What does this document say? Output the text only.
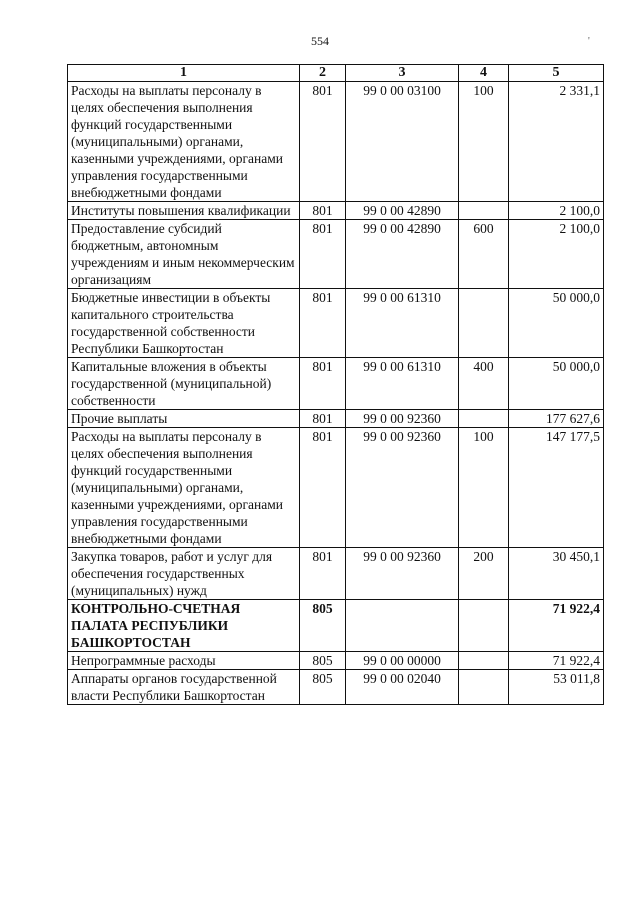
554	'
1	2	3	4	5
Расходы на выплаты персоналу в целях обеспечения выполнения функций государственными (муниципальными) органами, казенными учреждениями, органами управления государственными внебюджетными фондами	801	99 0 00 03100	100	2 331,1
Институты повышения квалификации	801	99 0 00 42890		2 100,0
Предоставление субсидий бюджетным, автономным учреждениям и иным некоммерческим организациям	801	99 0 00 42890	600	2 100,0
Бюджетные инвестиции в объекты капитального строительства государственной собственности Республики Башкортостан	801	99 0 00 61310		50 000,0
Капитальные вложения в объекты государственной (муниципальной) собственности	801	99 0 00 61310	400	50 000,0
Прочие выплаты	801	99 0 00 92360		177 627,6
Расходы на выплаты персоналу в целях обеспечения выполнения функций государственными (муниципальными) органами, казенными учреждениями, органами управления государственными внебюджетными фондами	801	99 0 00 92360	100	147 177,5
Закупка товаров, работ и услуг для обеспечения государственных (муниципальных) нужд	801	99 0 00 92360	200	30 450,1
КОНТРОЛЬНО-СЧЕТНАЯ ПАЛАТА РЕСПУБЛИКИ БАШКОРТОСТАН	805			71 922,4
Непрограммные расходы	805	99 0 00 00000		71 922,4
Аппараты органов государственной власти Республики Башкортостан	805	99 0 00 02040		53 011,8
